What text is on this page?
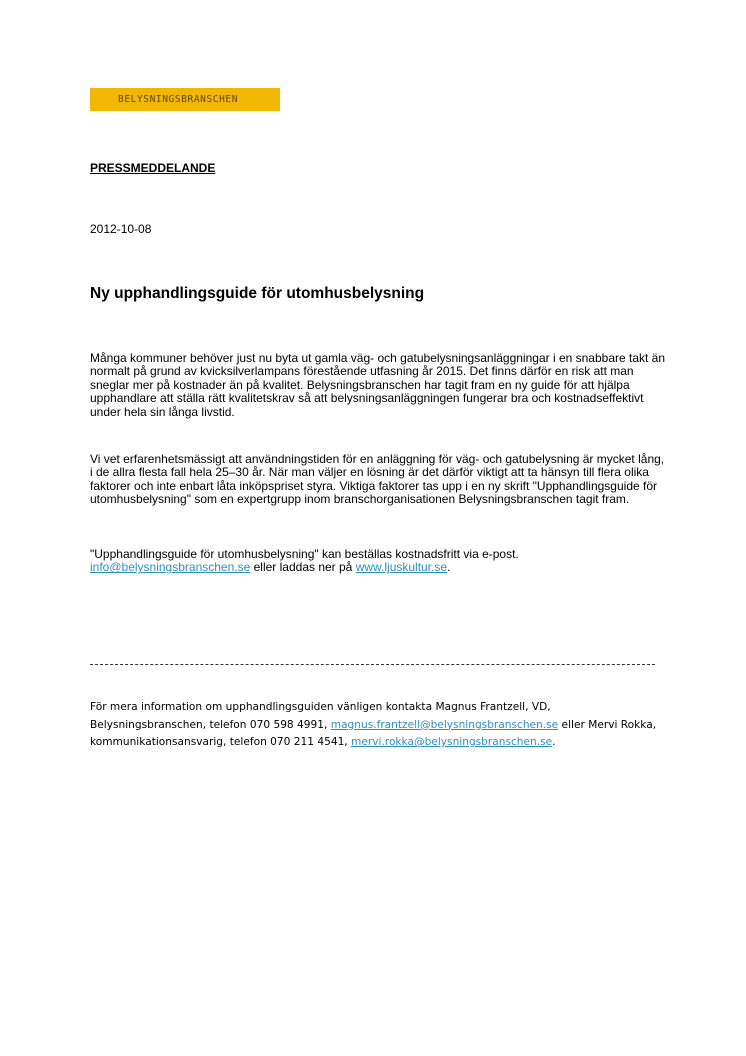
BELYSNINGSBRANSCHEN
PRESSMEDDELANDE
2012-10-08
Ny upphandlingsguide för utomhusbelysning

Många kommuner behöver just nu byta ut gamla väg- och gatubelysningsanläggningar i en snabbare takt än normalt på grund av kvicksilverlampans förestående utfasning år 2015. Det finns därför en risk att man sneglar mer på kostnader än på kvalitet. Belysningsbranschen har tagit fram en ny guide för att hjälpa upphandlare att ställa rätt kvalitetskrav så att belysningsanläggningen fungerar bra och kostnadseffektivt under hela sin långa livstid.

Vi vet erfarenhetsmässigt att användningstiden för en anläggning för väg- och gatubelysning är mycket lång, i de allra flesta fall hela 25–30 år. När man väljer en lösning är det därför viktigt att ta hänsyn till flera olika faktorer och inte enbart låta inköpspriset styra. Viktiga faktorer tas upp i en ny skrift "Upphandlingsguide för utomhusbelysning" som en expertgrupp inom branschorganisationen Belysningsbranschen tagit fram.

"Upphandlingsguide för utomhusbelysning" kan beställas kostnadsfritt via e-post.
info@belysningsbranschen.se eller laddas ner på www.ljuskultur.se.

För mera information om upphandlingsguiden vänligen kontakta Magnus Frantzell, VD, Belysningsbranschen, telefon 070 598 4991, magnus.frantzell@belysningsbranschen.se eller Mervi Rokka, kommunikationsansvarig, telefon 070 211 4541, mervi.rokka@belysningsbranschen.se.
